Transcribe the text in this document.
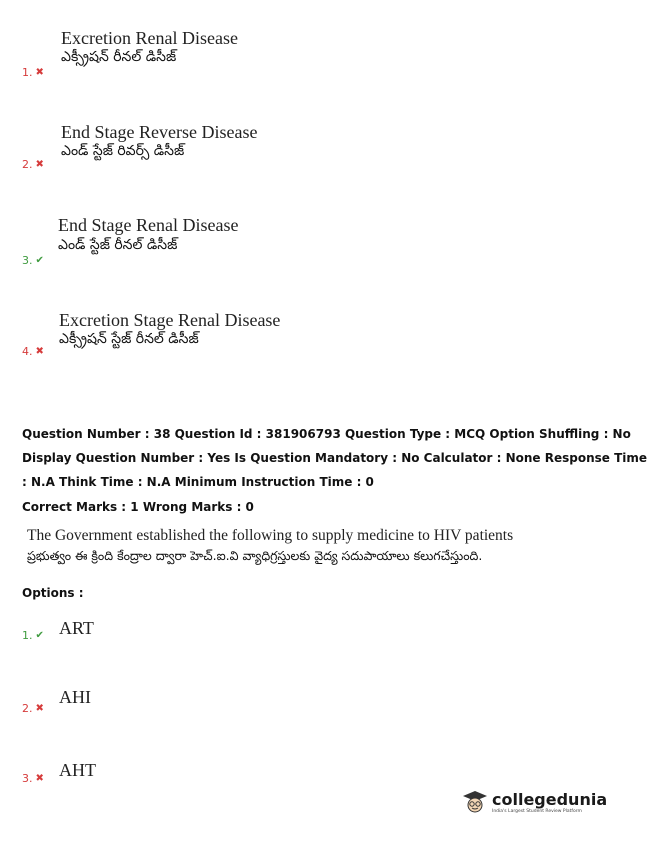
Excretion Renal Disease
ఎక్స్రీషన్ రీనల్ డిసీజ్
1. ✖
End Stage Reverse Disease
ఎండ్ స్టేజ్ రివర్స్ డిసీజ్
2. ✖
End Stage Renal Disease
ఎండ్ స్టేజ్ రీనల్ డిసీజ్
3. ✔
Excretion Stage Renal Disease
ఎక్స్రీషన్ స్టేజ్ రీనల్ డిసీజ్
4. ✖
Question Number : 38 Question Id : 381906793 Question Type : MCQ Option Shuffling : No
Display Question Number : Yes Is Question Mandatory : No Calculator : None Response Time
: N.A Think Time : N.A Minimum Instruction Time : 0
Correct Marks : 1 Wrong Marks : 0
The Government established the following to supply medicine to HIV patients
ప్రభుత్వం ఈ క్రింది కేంద్రాల ద్వారా హెచ్.ఐ.వి వ్యాధిగ్రస్తులకు వైద్య సదుపాయాలు కలుగచేస్తుంది.
Options :
1. ✔ ART
2. ✖
AHI
3. ✖ AHT
collegedunia
India's Largest Student Review Platform
